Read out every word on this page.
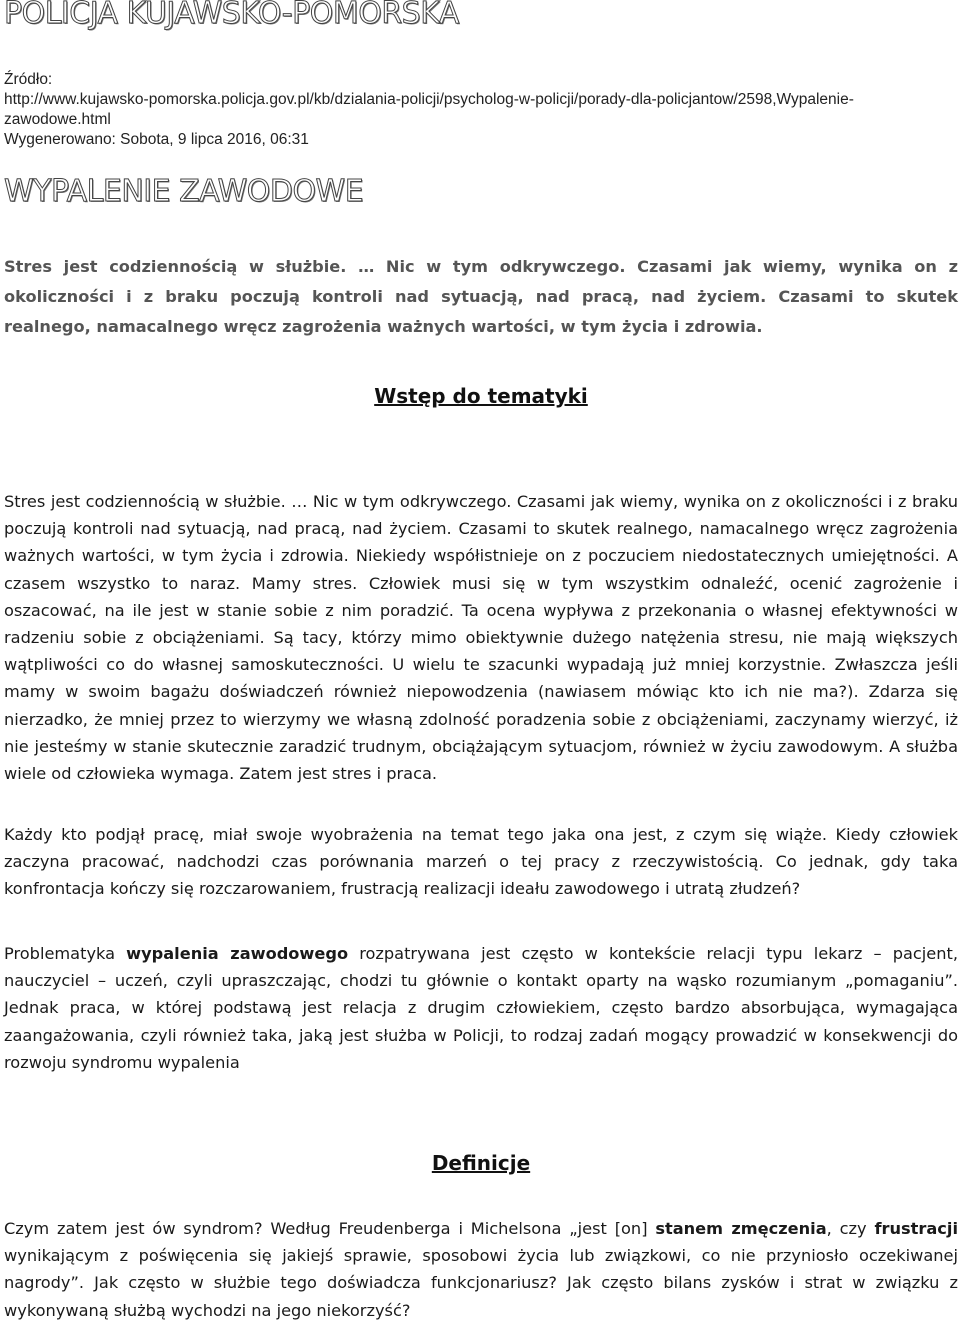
POLICJA KUJAWSKO-POMORSKA
Źródło:
http://www.kujawsko-pomorska.policja.gov.pl/kb/dzialania-policji/psycholog-w-policji/porady-dla-policjantow/2598,Wypalenie-
zawodowe.html
Wygenerowano: Sobota, 9 lipca 2016, 06:31
WYPALENIE ZAWODOWE
Stres jest codziennością w służbie. … Nic w tym odkrywczego. Czasami jak wiemy, wynika on z okoliczności i z braku poczują kontroli nad sytuacją, nad pracą, nad życiem. Czasami to skutek realnego, namacalnego wręcz zagrożenia ważnych wartości, w tym życia i zdrowia.
Wstęp do tematyki
Stres jest codziennością w służbie. … Nic w tym odkrywczego. Czasami jak wiemy, wynika on z okoliczności i z braku poczują kontroli nad sytuacją, nad pracą, nad życiem. Czasami to skutek realnego, namacalnego wręcz zagrożenia ważnych wartości, w tym życia i zdrowia. Niekiedy współistnieje on z poczuciem niedostatecznych umiejętności. A czasem wszystko to naraz. Mamy stres. Człowiek musi się w tym wszystkim odnaleźć, ocenić zagrożenie i oszacować, na ile jest w stanie sobie z nim poradzić. Ta ocena wypływa z przekonania o własnej efektywności w radzeniu sobie z obciążeniami. Są tacy, którzy mimo obiektywnie dużego natężenia stresu, nie mają większych wątpliwości co do własnej samoskuteczności. U wielu te szacunki wypadają już mniej korzystnie. Zwłaszcza jeśli mamy w swoim bagażu doświadczeń również niepowodzenia (nawiasem mówiąc kto ich nie ma?). Zdarza się nierzadko, że mniej przez to wierzymy we własną zdolność poradzenia sobie z obciążeniami, zaczynamy wierzyć, iż nie jesteśmy w stanie skutecznie zaradzić trudnym, obciążającym sytuacjom, również w życiu zawodowym. A służba wiele od człowieka wymaga. Zatem jest stres i praca.
Każdy kto podjął pracę, miał swoje wyobrażenia na temat tego jaka ona jest, z czym się wiąże. Kiedy człowiek zaczyna pracować, nadchodzi czas porównania marzeń o tej pracy z rzeczywistością. Co jednak, gdy taka konfrontacja kończy się rozczarowaniem, frustracją realizacji ideału zawodowego i utratą złudzeń?
Problematyka wypalenia zawodowego rozpatrywana jest często w kontekście relacji typu lekarz – pacjent, nauczyciel – uczeń, czyli upraszczając, chodzi tu głównie o kontakt oparty na wąsko rozumianym „pomaganiu”. Jednak praca, w której podstawą jest relacja z drugim człowiekiem, często bardzo absorbująca, wymagająca zaangażowania, czyli również taka, jaką jest służba w Policji, to rodzaj zadań mogący prowadzić w konsekwencji do rozwoju syndromu wypalenia
Definicje
Czym zatem jest ów syndrom? Według Freudenberga i Michelsona „jest [on] stanem zmęczenia, czy frustracji wynikającym z poświęcenia się jakiejś sprawie, sposobowi życia lub związkowi, co nie przyniosło oczekiwanej nagrody”. Jak często w służbie tego doświadcza funkcjonariusz? Jak często bilans zysków i strat w związku z wykonywaną służbą wychodzi na jego niekorzyść?
